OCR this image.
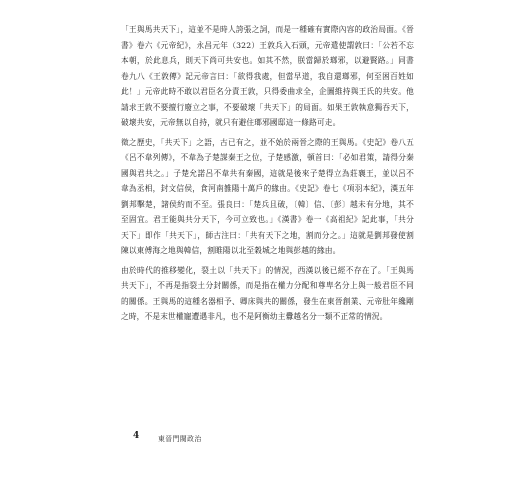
「王與馬共天下」，這並不是時人誇張之詞，而是一種確有實際內容的政治局面。《晉書》卷六《元帝紀》，永昌元年（322）王敦兵入石頭，元帝遣使謂敦曰：「公若不忘本朝，於此息兵，則天下尚可共安也。如其不然，朕當歸於瑯邪，以避賢路。」同書卷九八《王敦傳》記元帝言曰：「欲得我處，但當早道，我自還瑯邪，何至困百姓如此！」元帝此時不敢以君臣名分責王敦，只得委曲求全，企圖維持與王氏的共安。他請求王敦不要擅行廢立之事，不要破壞「共天下」的局面。如果王敦執意獨吞天下，破壞共安，元帝無以自持，就只有避住瑯邪國邸這一條路可走。

徵之歷史，「共天下」之語，古已有之，並不始於兩晉之際的王與馬。《史記》卷八五《呂不韋列傳》，不韋為子楚謀秦王之位，子楚感激，頓首曰：「必如君策，請得分秦國與君共之。」子楚允諾呂不韋共有秦國，這就是後來子楚得立為莊襄王，並以呂不韋為丞相，封文信侯，食河南雒陽十萬戶的緣由。《史記》卷七《項羽本紀》，漢五年劉邦擊楚，諸侯約而不至。張良曰：「楚兵且破，〔韓〕信、〔彭〕越未有分地，其不至固宜。君王能與共分天下，今可立致也。」《漢書》卷一《高祖紀》記此事，「共分天下」即作「共天下」，師古注曰：「共有天下之地，割而分之。」這就是劉邦發使割陳以東傅海之地與韓信，割睢陽以北至穀城之地與彭越的緣由。

由於時代的推移變化，裂土以「共天下」的情況，西漢以後已經不存在了。「王與馬共天下」，不再是指裂土分封關係，而是指在權力分配和尊卑名分上與一般君臣不同的關係。王與馬的這種名器相予、卿床與共的關係，發生在東晉創業、元帝肚年纔剛之時，不是末世權寵遭遇非凡，也不是阿衡幼主釁越名分一類不正常的情況。

4	東晉門閥政治
